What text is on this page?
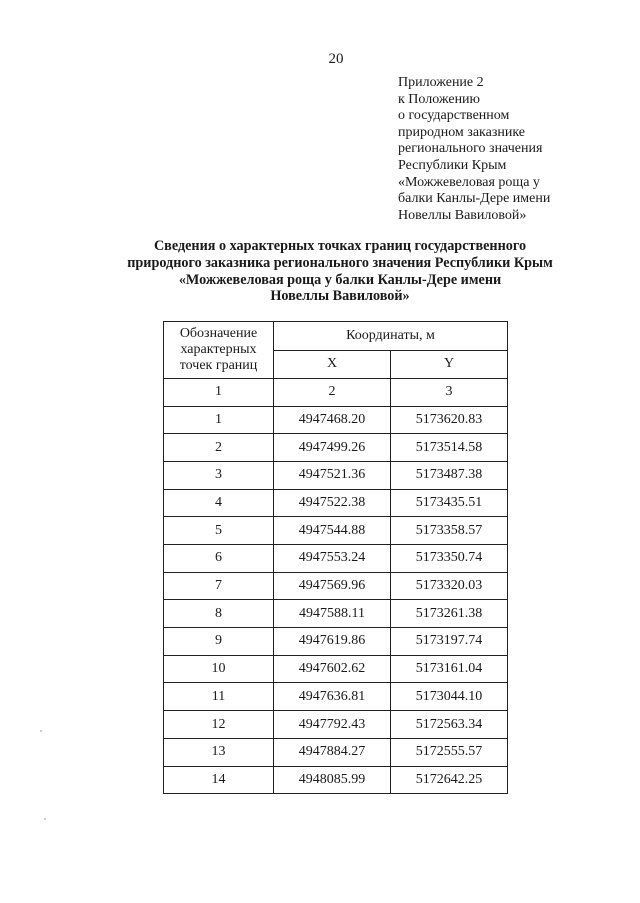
20
Приложение 2
к Положению
о государственном
природном заказнике
регионального значения
Республики Крым
«Можжевеловая роща у
балки Канлы-Дере имени
Новеллы Вавиловой»
Сведения о характерных точках границ государственного
природного заказника регионального значения Республики Крым
«Можжевеловая роща у балки Канлы-Дере имени
Новеллы Вавиловой»
Обозначение
характерных
точек границ	Координаты, м	
	X	Y
1	2	3
1	4947468.20	5173620.83
2	4947499.26	5173514.58
3	4947521.36	5173487.38
4	4947522.38	5173435.51
5	4947544.88	5173358.57
6	4947553.24	5173350.74
7	4947569.96	5173320.03
8	4947588.11	5173261.38
9	4947619.86	5173197.74
10	4947602.62	5173161.04
11	4947636.81	5173044.10
12	4947792.43	5172563.34
13	4947884.27	5172555.57
14	4948085.99	5172642.25
